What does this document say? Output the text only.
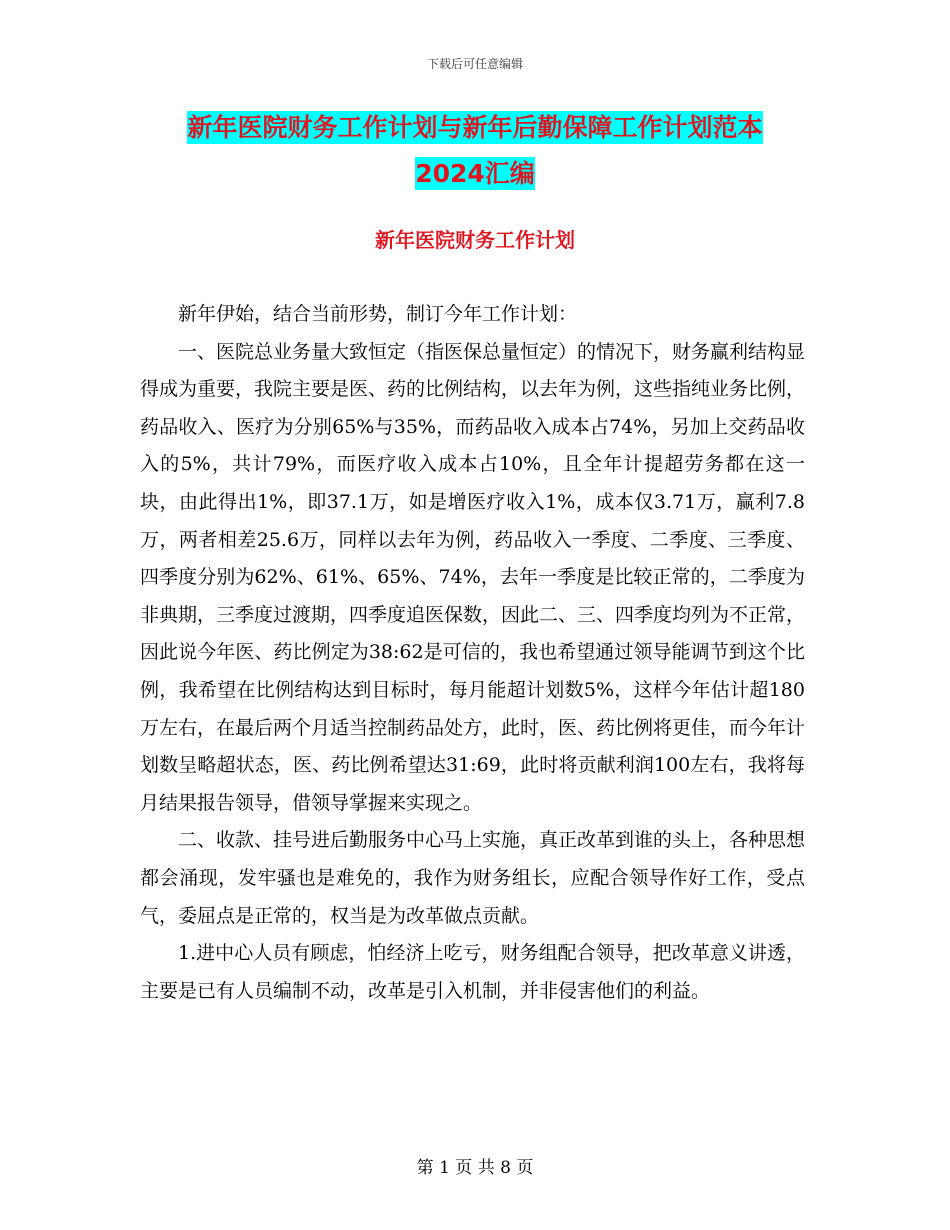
下载后可任意编辑
新年医院财务工作计划与新年后勤保障工作计划范本
2024汇编
新年医院财务工作计划

新年伊始，结合当前形势，制订今年工作计划：

一、医院总业务量大致恒定（指医保总量恒定）的情况下，财务赢利结构显得成为重要，我院主要是医、药的比例结构，以去年为例，这些指纯业务比例，药品收入、医疗为分别65%与35%，而药品收入成本占74%，另加上交药品收入的5%，共计79%，而医疗收入成本占10%，且全年计提超劳务都在这一块，由此得出1%，即37.1万，如是增医疗收入1%，成本仅3.71万，赢利7.8万，两者相差25.6万，同样以去年为例，药品收入一季度、二季度、三季度、四季度分别为62%、61%、65%、74%，去年一季度是比较正常的，二季度为非典期，三季度过渡期，四季度追医保数，因此二、三、四季度均列为不正常，因此说今年医、药比例定为38:62是可信的，我也希望通过领导能调节到这个比例，我希望在比例结构达到目标时，每月能超计划数5%，这样今年估计超180万左右，在最后两个月适当控制药品处方，此时，医、药比例将更佳，而今年计划数呈略超状态，医、药比例希望达31:69，此时将贡献利润100左右，我将每月结果报告领导，借领导掌握来实现之。

二、收款、挂号进后勤服务中心马上实施，真正改革到谁的头上，各种思想都会涌现，发牢骚也是难免的，我作为财务组长，应配合领导作好工作，受点气，委屈点是正常的，权当是为改革做点贡献。

1.进中心人员有顾虑，怕经济上吃亏，财务组配合领导，把改革意义讲透，主要是已有人员编制不动，改革是引入机制，并非侵害他们的利益。

第 1 页 共 8 页
